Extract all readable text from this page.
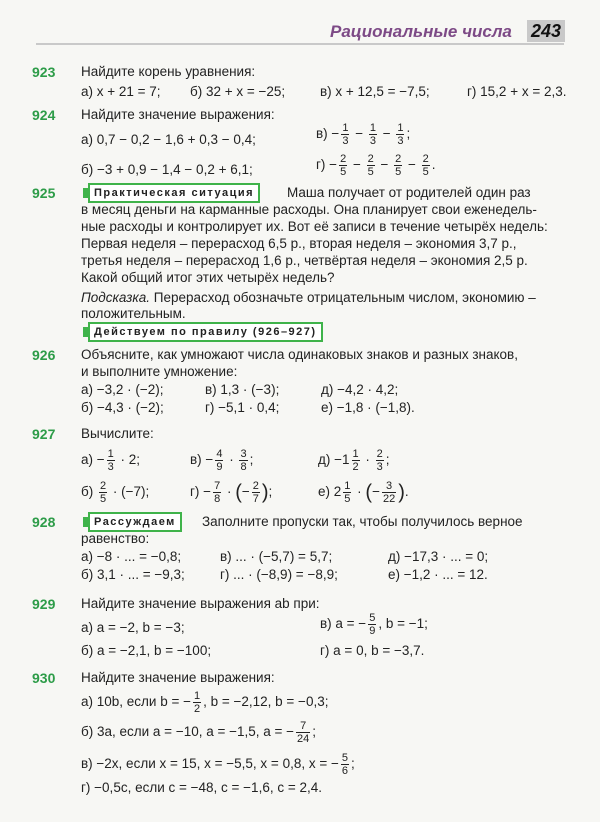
Рациональные числа 243
923 Найдите корень уравнения:
а) x + 21 = 7; б) 32 + x = −25;	в) x + 12,5 = −7,5;	г) 15,2 + x = 2,3.
924 Найдите значение выражения:
а) 0,7 − 0,2 − 1,6 + 0,3 − 0,4;
б) −3 + 0,9 − 1,4 − 0,2 + 6,1;
$в) - \frac{1}{3} - \frac{1}{3} - \frac{1}{3}$ ;
$г) - \frac{2}{5} - \frac{2}{5} - \frac{2}{5} - \frac{2}{5}$ .
925	Практическая ситуация	Маша получает от родителей один раз
в месяц деньги на карманные расходы. Она планирует свои еженедель-
ные расходы и контролирует их. Вот её записи в течение четырёх недель:
Первая неделя – перерасход 6,5 р., вторая неделя – экономия 3,7 р.,
третья неделя – перерасход 1,6 р., четвёртая неделя – экономия 2,5 р.
Какой общий итог этих четырёх недель?
Подсказка. Перерасход обозначьте отрицательным числом, экономию –
положительным.
Действуем по правилу (926–927)
926 Объясните, как умножают числа одинаковых знаков и разных знаков,
и выполните умножение:
а) −3,2 · (−2);
б) −4,3 · (−2);
в) 1,3 · (−3);
г) −5,1 · 0,4;
д) −4,2 · 4,2;
е) −1,8 · (−1,8).
927 Вычислите:
$а) - \frac{1}{3} \cdot 2$;
$б) \frac{2}{5} \cdot (-7)$;
$в) - \frac{4}{9} \cdot \frac{3}{8}$ ;
$г) - \frac{7}{8}$ · (− $\frac{2}{7}$ );
$д) -1 \frac{1}{2} \cdot \frac{2}{3}$ ;
е) $2 \frac{1}{5}$ · (− $\frac{3}{22}$ ).
928	Рассуждаем	Заполните пропуски так, чтобы получилось верное
равенство:
а) −8 · ... = −0,8;
б) 3,1 · ... = −9,3;
в) ... · (−5,7) = 5,7;
г) ... · (−8,9) = −8,9;
д) −17,3 · ... = 0;
е) −1,2 · ... = 12.
929 Найдите значение выражения ab при:
а) a = −2, b = −3;
б) a = −2,1, b = −100;
в) a = − $\frac{5}{9}$ , b = −1;
г) a = 0, b = −3,7.
930 Найдите значение выражения:
а) 10b, если b = − $\frac{1}{2}$ , b = −2,12, b = −0,3;
б) 3a, если a = −10, a = −1,5, a = − $\frac{7}{24}$ ;
в) −2x, если x = 15, x = −5,5, x = 0,8, x = − $\frac{5}{6}$ ;
г) −0,5c, если c = −48, c = −1,6, c = 2,4.
